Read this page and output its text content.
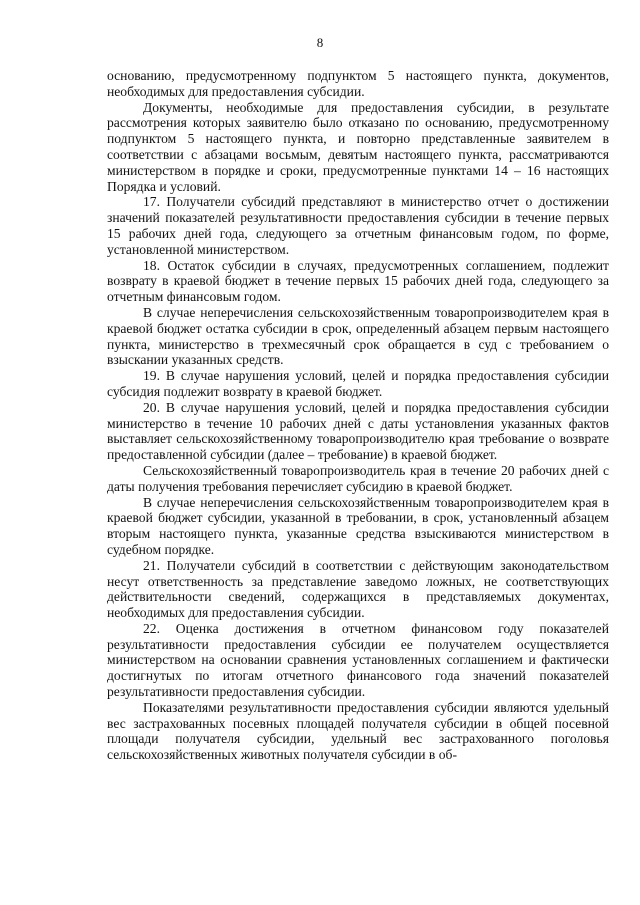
8

основанию, предусмотренному подпунктом 5 настоящего пункта, документов, необходимых для предоставления субсидии.

Документы, необходимые для предоставления субсидии, в результате рассмотрения которых заявителю было отказано по основанию, предусмотренному подпунктом 5 настоящего пункта, и повторно представленные заявителем в соответствии с абзацами восьмым, девятым настоящего пункта, рассматриваются министерством в порядке и сроки, предусмотренные пунктами 14 – 16 настоящих Порядка и условий.

17. Получатели субсидий представляют в министерство отчет о достижении значений показателей результативности предоставления субсидии в течение первых 15 рабочих дней года, следующего за отчетным финансовым годом, по форме, установленной министерством.

18. Остаток субсидии в случаях, предусмотренных соглашением, подлежит возврату в краевой бюджет в течение первых 15 рабочих дней года, следующего за отчетным финансовым годом.

В случае неперечисления сельскохозяйственным товаропроизводителем края в краевой бюджет остатка субсидии в срок, определенный абзацем первым настоящего пункта, министерство в трехмесячный срок обращается в суд с требованием о взыскании указанных средств.

19. В случае нарушения условий, целей и порядка предоставления субсидии субсидия подлежит возврату в краевой бюджет.

20. В случае нарушения условий, целей и порядка предоставления субсидии министерство в течение 10 рабочих дней с даты установления указанных фактов выставляет сельскохозяйственному товаропроизводителю края требование о возврате предоставленной субсидии (далее – требование) в краевой бюджет.

Сельскохозяйственный товаропроизводитель края в течение 20 рабочих дней с даты получения требования перечисляет субсидию в краевой бюджет.

В случае неперечисления сельскохозяйственным товаропроизводителем края в краевой бюджет субсидии, указанной в требовании, в срок, установленный абзацем вторым настоящего пункта, указанные средства взыскиваются министерством в судебном порядке.

21. Получатели субсидий в соответствии с действующим законодательством несут ответственность за представление заведомо ложных, не соответствующих действительности сведений, содержащихся в представляемых документах, необходимых для предоставления субсидии.

22. Оценка достижения в отчетном финансовом году показателей результативности предоставления субсидии ее получателем осуществляется министерством на основании сравнения установленных соглашением и фактически достигнутых по итогам отчетного финансового года значений показателей результативности предоставления субсидии.

Показателями результативности предоставления субсидии являются удельный вес застрахованных посевных площадей получателя субсидии в общей посевной площади получателя субсидии, удельный вес застрахованного поголовья сельскохозяйственных животных получателя субсидии в об-
